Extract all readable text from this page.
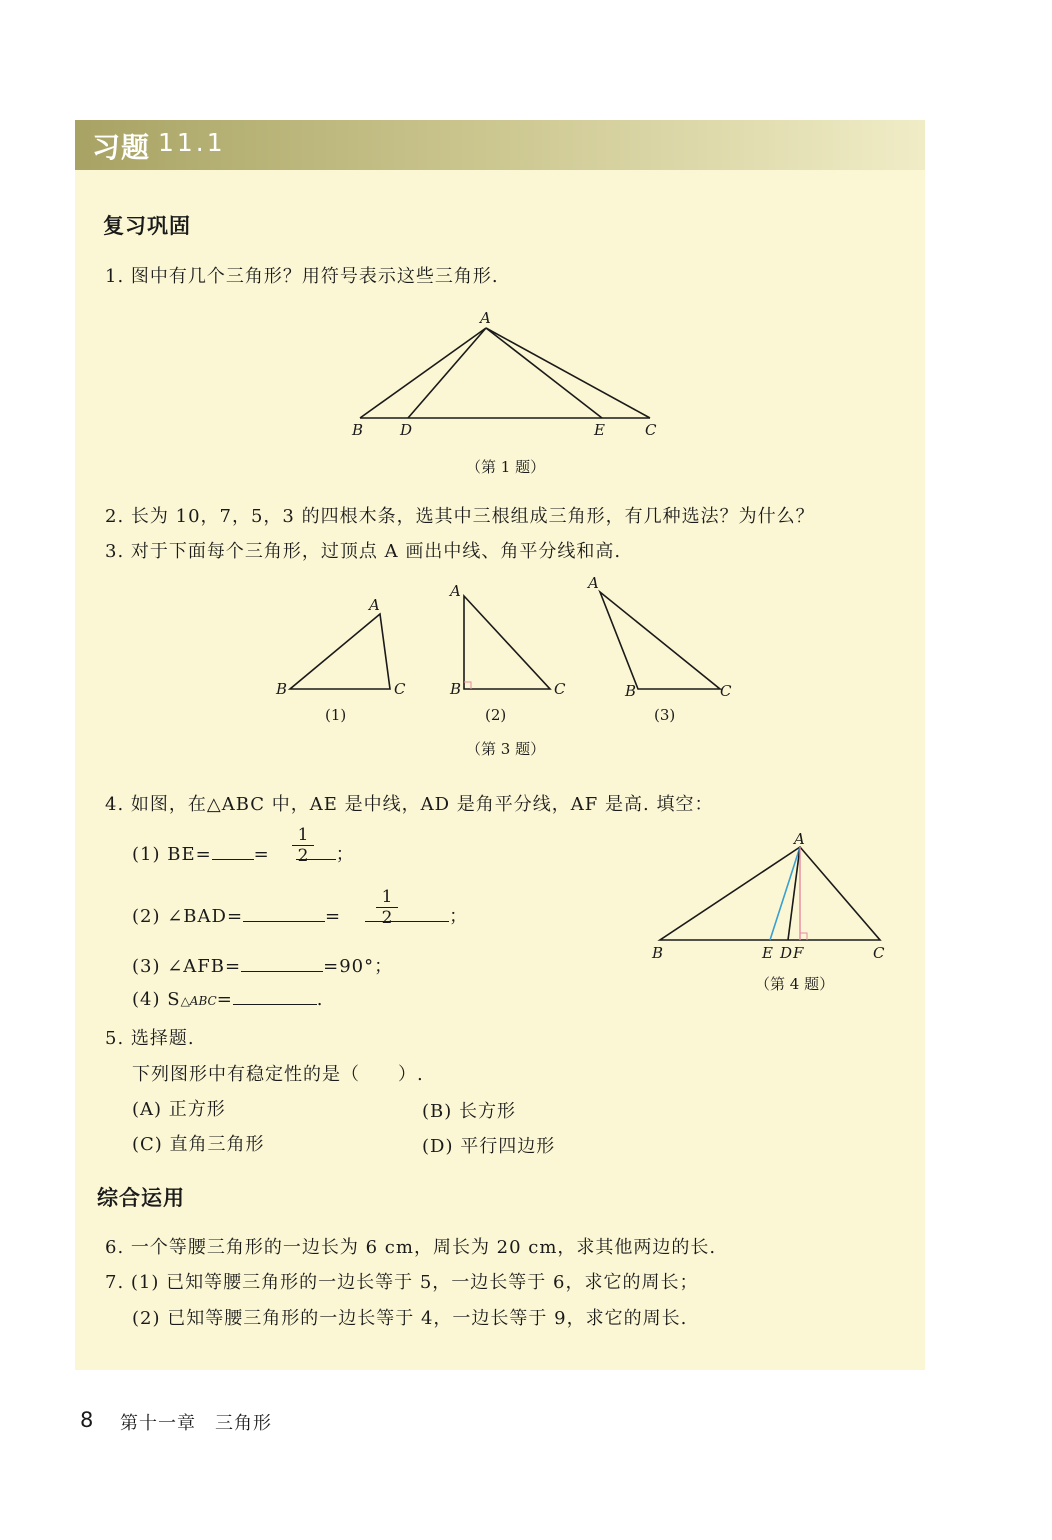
习题 11.1
复习巩固
1. 图中有几个三角形？用符号表示这些三角形.
A
B D	E	C
（第 1 题）
2. 长为 10，7，5，3 的四根木条，选其中三根组成三角形，有几种选法？为什么？
3. 对于下面每个三角形，过顶点 A 画出中线、角平分线和高.
A
B	C
A
B	C
A
B	C
(1)	(2)	(3)
（第 3 题）
4. 如图，在△ABC 中，AE 是中线，AD 是角平分线，AF 是高. 填空：
(1) BE= =	；
1
2
(2) ∠BAD=	=	；
1
2
(3) ∠AFB=	=90°；
(4) S△ABC=	.
A
B	E D F	C
（第 4 题）
5. 选择题.
下列图形中有稳定性的是（　　）.
(A) 正方形	(B) 长方形
(C) 直角三角形	(D) 平行四边形
综合运用
6. 一个等腰三角形的一边长为 6 cm，周长为 20 cm，求其他两边的长.
7. (1) 已知等腰三角形的一边长等于 5，一边长等于 6，求它的周长；
(2) 已知等腰三角形的一边长等于 4，一边长等于 9，求它的周长.
8 第十一章　三角形
